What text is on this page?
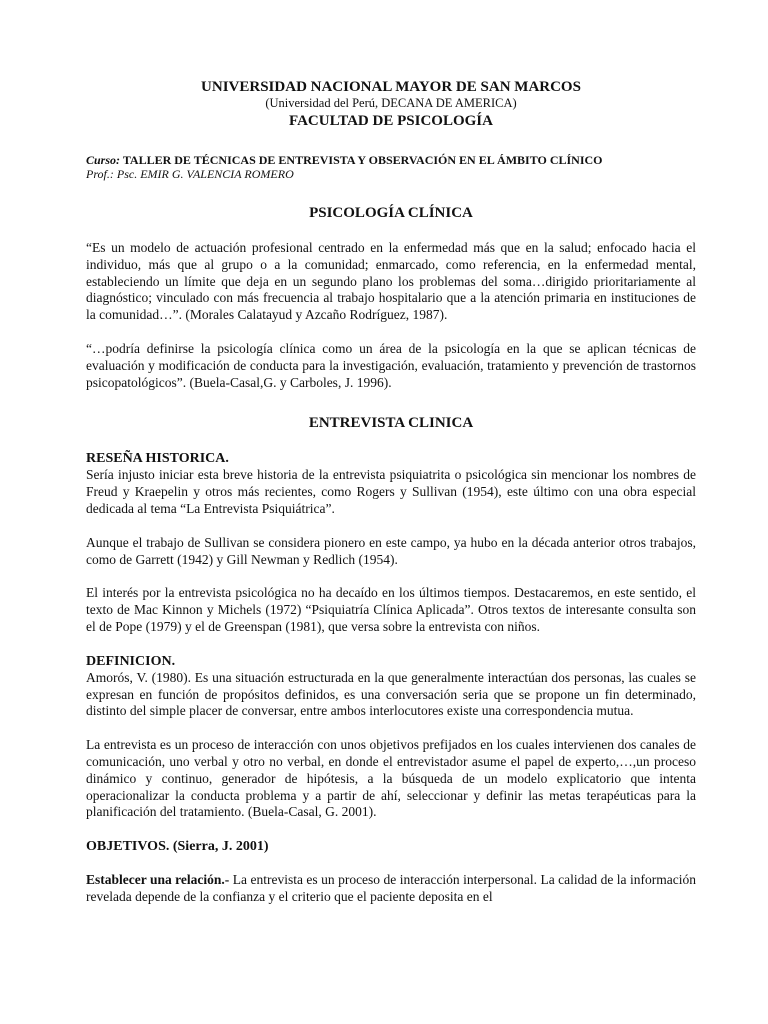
UNIVERSIDAD NACIONAL MAYOR DE SAN MARCOS

(Universidad del Perú, DECANA DE AMERICA)

FACULTAD DE PSICOLOGÍA

Curso: TALLER DE TÉCNICAS DE ENTREVISTA Y OBSERVACIÓN EN EL ÁMBITO CLÍNICO
Prof.: Psc. EMIR G. VALENCIA ROMERO
PSICOLOGÍA CLÍNICA

“Es un modelo de actuación profesional centrado en la enfermedad más que en la salud; enfocado hacia el individuo, más que al grupo o a la comunidad; enmarcado, como referencia, en la enfermedad mental, estableciendo un límite que deja en un segundo plano los problemas del soma…dirigido prioritariamente al diagnóstico; vinculado con más frecuencia al trabajo hospitalario que a la atención primaria en instituciones de la comunidad…”. (Morales Calatayud y Azcaño Rodríguez, 1987).

“…podría definirse la psicología clínica como un área de la psicología en la que se aplican técnicas de evaluación y modificación de conducta para la investigación, evaluación, tratamiento y prevención de trastornos psicopatológicos”. (Buela-Casal,G. y Carboles, J. 1996).

ENTREVISTA CLINICA

RESEÑA HISTORICA.

Sería injusto iniciar esta breve historia de la entrevista psiquiatrita o psicológica sin mencionar los nombres de Freud y Kraepelin y otros más recientes, como Rogers y Sullivan (1954), este último con una obra especial dedicada al tema “La Entrevista Psiquiátrica”.

Aunque el trabajo de Sullivan se considera pionero en este campo, ya hubo en la década anterior otros trabajos, como de Garrett (1942) y Gill Newman y Redlich (1954).

El interés por la entrevista psicológica no ha decaído en los últimos tiempos. Destacaremos, en este sentido, el texto de Mac Kinnon y Michels (1972) “Psiquiatría Clínica Aplicada”. Otros textos de interesante consulta son el de Pope (1979) y el de Greenspan (1981), que versa sobre la entrevista con niños.

DEFINICION.

Amorós, V. (1980). Es una situación estructurada en la que generalmente interactúan dos personas, las cuales se expresan en función de propósitos definidos, es una conversación seria que se propone un fin determinado, distinto del simple placer de conversar, entre ambos interlocutores existe una correspondencia mutua.

La entrevista es un proceso de interacción con unos objetivos prefijados en los cuales intervienen dos canales de comunicación, uno verbal y otro no verbal, en donde el entrevistador asume el papel de experto,…,un proceso dinámico y continuo, generador de hipótesis, a la búsqueda de un modelo explicatorio que intenta operacionalizar la conducta problema y a partir de ahí, seleccionar y definir las metas terapéuticas para la planificación del tratamiento. (Buela-Casal, G. 2001).

OBJETIVOS. (Sierra, J. 2001)

Establecer una relación.- La entrevista es un proceso de interacción interpersonal. La calidad de la información revelada depende de la confianza y el criterio que el paciente deposita en el
